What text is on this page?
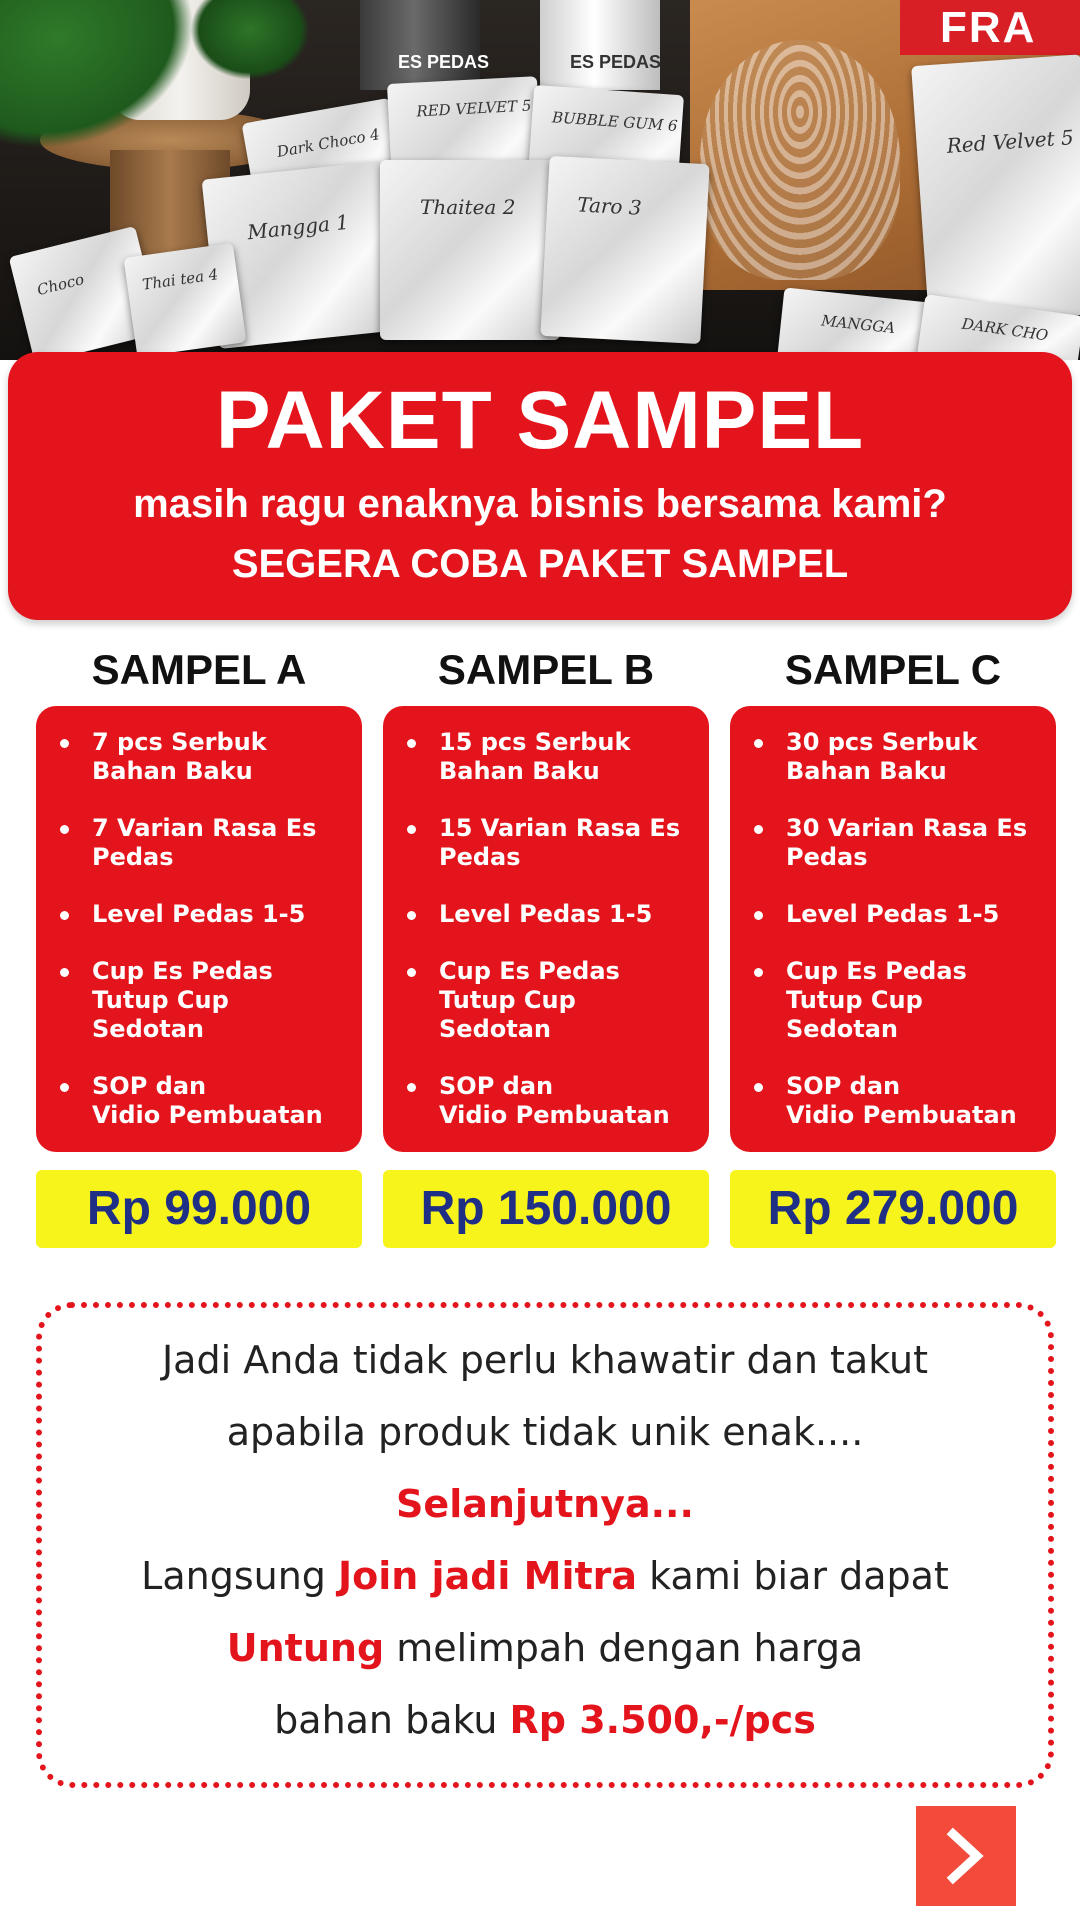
FRA
ES PEDAS	ES PEDAS
Dark Choco 4
RED VELVET 5 BUBBLE GUM 6
Mangga 1
Thaitea 2	Taro 3
Red Velvet 5
Choco	Thai tea 4
MANGGA	DARK CHO
PAKET SAMPEL
masih ragu enaknya bisnis bersama kami?
SEGERA COBA PAKET SAMPEL
SAMPEL A
7 pcs Serbuk Bahan Baku
7 Varian Rasa Es Pedas
Level Pedas 1-5
Cup Es Pedas
Tutup Cup
Sedotan
SOP dan
Vidio Pembuatan
Rp 99.000
SAMPEL B
15 pcs Serbuk Bahan Baku
15 Varian Rasa Es Pedas
Level Pedas 1-5
Cup Es Pedas
Tutup Cup
Sedotan
SOP dan
Vidio Pembuatan
Rp 150.000
SAMPEL C
30 pcs Serbuk Bahan Baku
30 Varian Rasa Es Pedas
Level Pedas 1-5
Cup Es Pedas
Tutup Cup
Sedotan
SOP dan
Vidio Pembuatan
Rp 279.000
Jadi Anda tidak perlu khawatir dan takut
apabila produk tidak unik enak....
Selanjutnya...
Langsung Join jadi Mitra kami biar dapat
Untung melimpah dengan harga
bahan baku Rp 3.500,-/pcs
